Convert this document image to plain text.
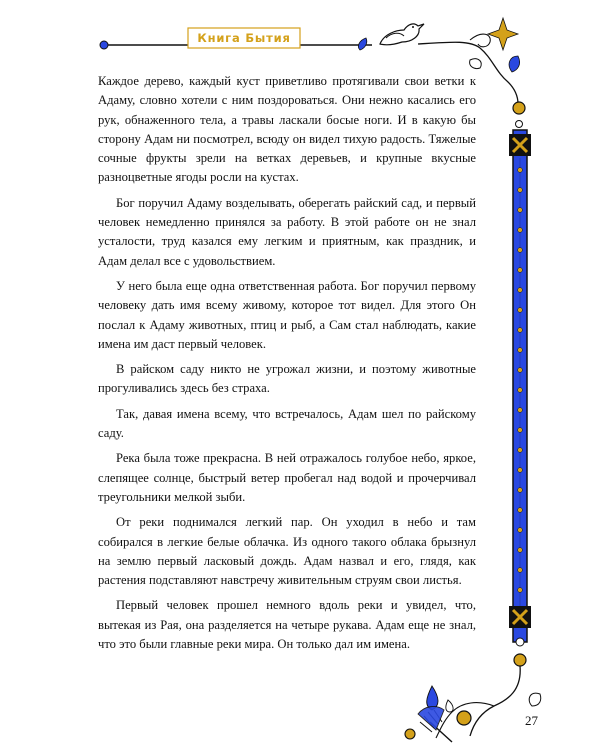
Книга Бытия

Каждое дерево, каждый куст приветливо протягивали свои ветки к Адаму, словно хотели с ним поздороваться. Они нежно касались его рук, обнаженного тела, а травы ласкали босые ноги. И в какую бы сторону Адам ни посмотрел, всюду он видел тихую радость. Тяжелые сочные фрукты зрели на ветках деревьев, и крупные вкусные разноцветные ягоды росли на кустах.

Бог поручил Адаму возделывать, оберегать райский сад, и первый человек немедленно принялся за работу. В этой работе он не знал усталости, труд казался ему легким и приятным, как праздник, и Адам делал все с удовольствием.

У него была еще одна ответственная работа. Бог поручил первому человеку дать имя всему живому, которое тот видел. Для этого Он послал к Адаму животных, птиц и рыб, а Сам стал наблюдать, какие имена им даст первый человек.

В райском саду никто не угрожал жизни, и поэтому животные прогуливались здесь без страха.

Так, давая имена всему, что встречалось, Адам шел по райскому саду.

Река была тоже прекрасна. В ней отражалось голубое небо, яркое, слепящее солнце, быстрый ветер пробегал над водой и прочерчивал треугольники мелкой зыби.

От реки поднимался легкий пар. Он уходил в небо и там собирался в легкие белые облачка. Из одного такого облака брызнул на землю первый ласковый дождь. Адам назвал и его, глядя, как растения подставляют навстречу живительным струям свои листья.

Первый человек прошел немного вдоль реки и увидел, что, вытекая из Рая, она разделяется на четыре рукава. Адам еще не знал, что это были главные реки мира. Он только дал им имена.

27
